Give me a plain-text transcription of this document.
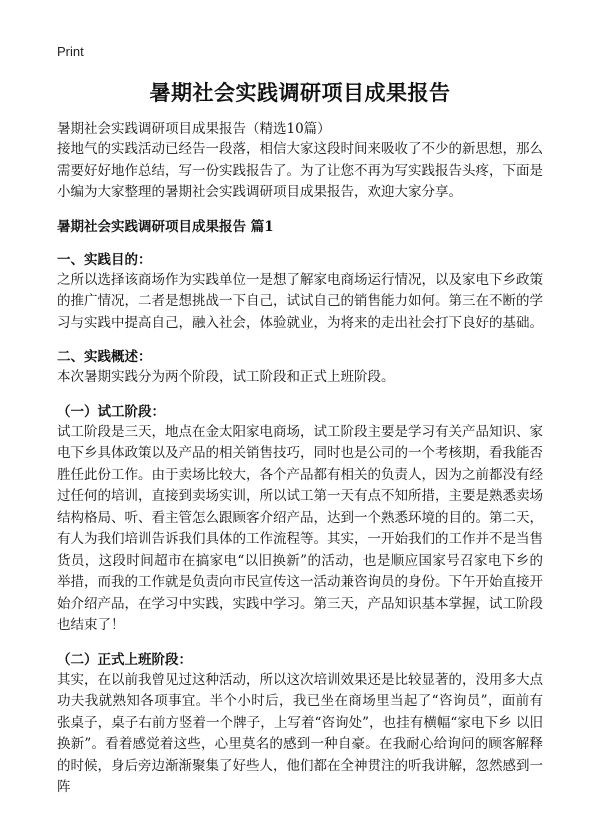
Print
暑期社会实践调研项目成果报告
暑期社会实践调研项目成果报告（精选10篇）

接地气的实践活动已经告一段落，相信大家这段时间来吸收了不少的新思想，那么需要好好地作总结，写一份实践报告了。为了让您不再为写实践报告头疼，下面是小编为大家整理的暑期社会实践调研项目成果报告，欢迎大家分享。

暑期社会实践调研项目成果报告 篇1
一、实践目的：

之所以选择该商场作为实践单位一是想了解家电商场运行情况，以及家电下乡政策的推广情况，二者是想挑战一下自己，试试自己的销售能力如何。第三在不断的学习与实践中提高自己，融入社会，体验就业，为将来的走出社会打下良好的基础。

二、实践概述：

本次暑期实践分为两个阶段，试工阶段和正式上班阶段。

（一）试工阶段：

试工阶段是三天，地点在金太阳家电商场，试工阶段主要是学习有关产品知识、家电下乡具体政策以及产品的相关销售技巧，同时也是公司的一个考核期，看我能否胜任此份工作。由于卖场比较大，各个产品都有相关的负责人，因为之前都没有经过任何的培训，直接到卖场实训，所以试工第一天有点不知所措，主要是熟悉卖场结构格局、听、看主管怎么跟顾客介绍产品，达到一个熟悉环境的目的。第二天，有人为我们培训告诉我们具体的工作流程等。其实，一开始我们的工作并不是当售货员，这段时间超市在搞家电“以旧换新”的活动，也是顺应国家号召家电下乡的举措，而我的工作就是负责向市民宣传这一活动兼咨询员的身份。下午开始直接开始介绍产品，在学习中实践，实践中学习。第三天，产品知识基本掌握，试工阶段也结束了！

（二）正式上班阶段：

其实，在以前我曾见过这种活动，所以这次培训效果还是比较显著的，没用多大点功夫我就熟知各项事宜。半个小时后，我已坐在商场里当起了“咨询员”，面前有张桌子，桌子右前方竖着一个牌子，上写着“咨询处”，也挂有横幅“家电下乡 以旧换新”。看着感觉着这些，心里莫名的感到一种自豪。在我耐心给询问的顾客解释的时候，身后旁边渐渐聚集了好些人，他们都在全神贯注的听我讲解，忽然感到一阵
